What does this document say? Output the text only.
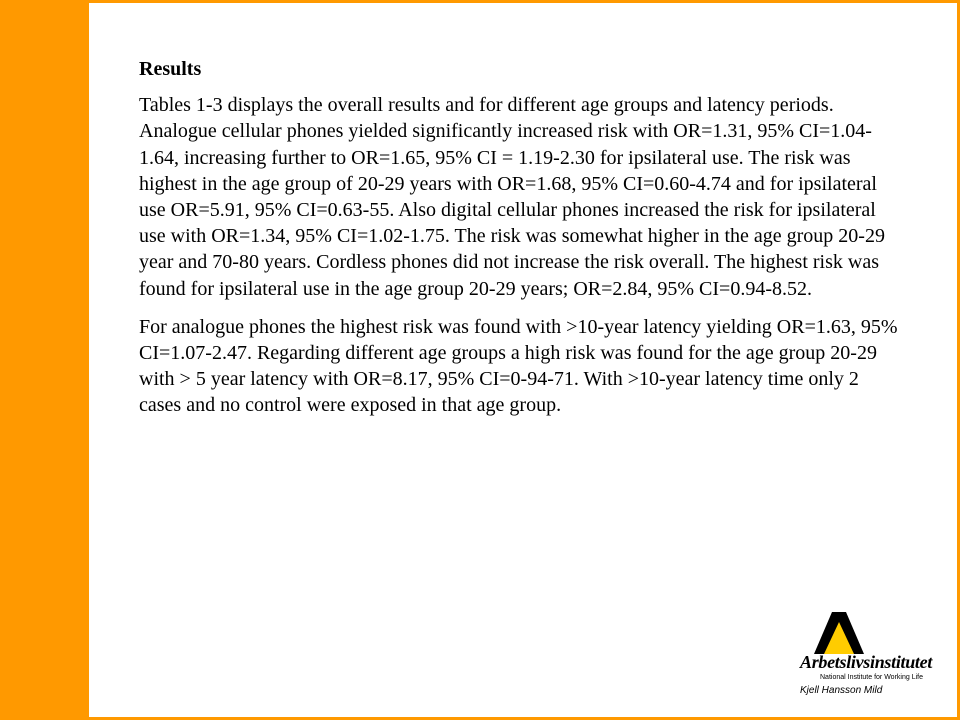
Results

Tables 1-3 displays the overall results and for different age groups and latency periods. Analogue cellular phones yielded significantly increased risk with OR=1.31, 95% CI=1.04-1.64, increasing further to OR=1.65, 95% CI = 1.19-2.30 for ipsilateral use. The risk was highest in the age group of 20-29 years with OR=1.68, 95% CI=0.60-4.74 and for ipsilateral use OR=5.91, 95% CI=0.63-55. Also digital cellular phones increased the risk for ipsilateral use with OR=1.34, 95% CI=1.02-1.75. The risk was somewhat higher in the age group 20-29 year and 70-80 years. Cordless phones did not increase the risk overall. The highest risk was found for ipsilateral use in the age group 20-29 years; OR=2.84, 95% CI=0.94-8.52.

For analogue phones the highest risk was found with >10-year latency yielding OR=1.63, 95% CI=1.07-2.47. Regarding different age groups a high risk was found for the age group 20-29 with > 5 year latency with OR=8.17, 95% CI=0-94-71. With >10-year latency time only 2 cases and no control were exposed in that age group.

Arbetslivsinstitutet
National Institute for Working Life
Kjell Hansson Mild
